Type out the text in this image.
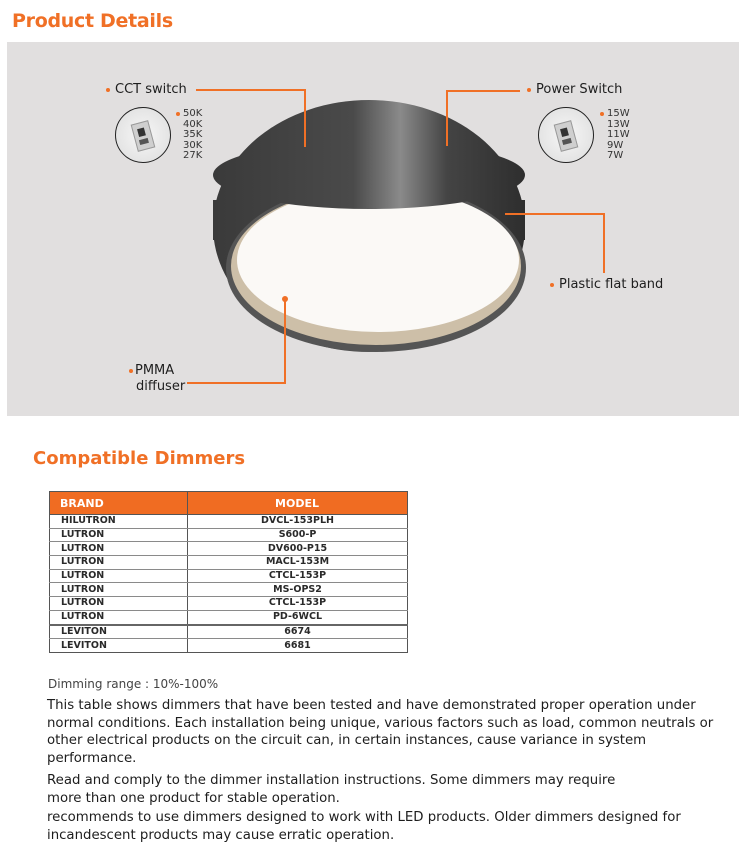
Product Details
CCT switch
50K
40K
35K
30K
27K
Power Switch
15W
13W
11W
9W
7W
Plastic flat band
PMMA
diffuser
Compatible Dimmers
BRAND	MODEL
HILUTRON	DVCL-153PLH
LUTRON	S600-P
LUTRON	DV600-P15
LUTRON	MACL-153M
LUTRON	CTCL-153P
LUTRON	MS-OPS2
LUTRON	CTCL-153P
LUTRON	PD-6WCL
LEVITON	6674
LEVITON	6681
Dimming range : 10%-100%
This table shows dimmers that have been tested and have demonstrated proper operation under normal conditions. Each installation being unique, various factors such as load, common neutrals or other electrical products on the circuit can, in certain instances, cause variance in system performance.
Read and comply to the dimmer installation instructions. Some dimmers may require
more than one product for stable operation.
recommends to use dimmers designed to work with LED products. Older dimmers designed for incandescent products may cause erratic operation.
